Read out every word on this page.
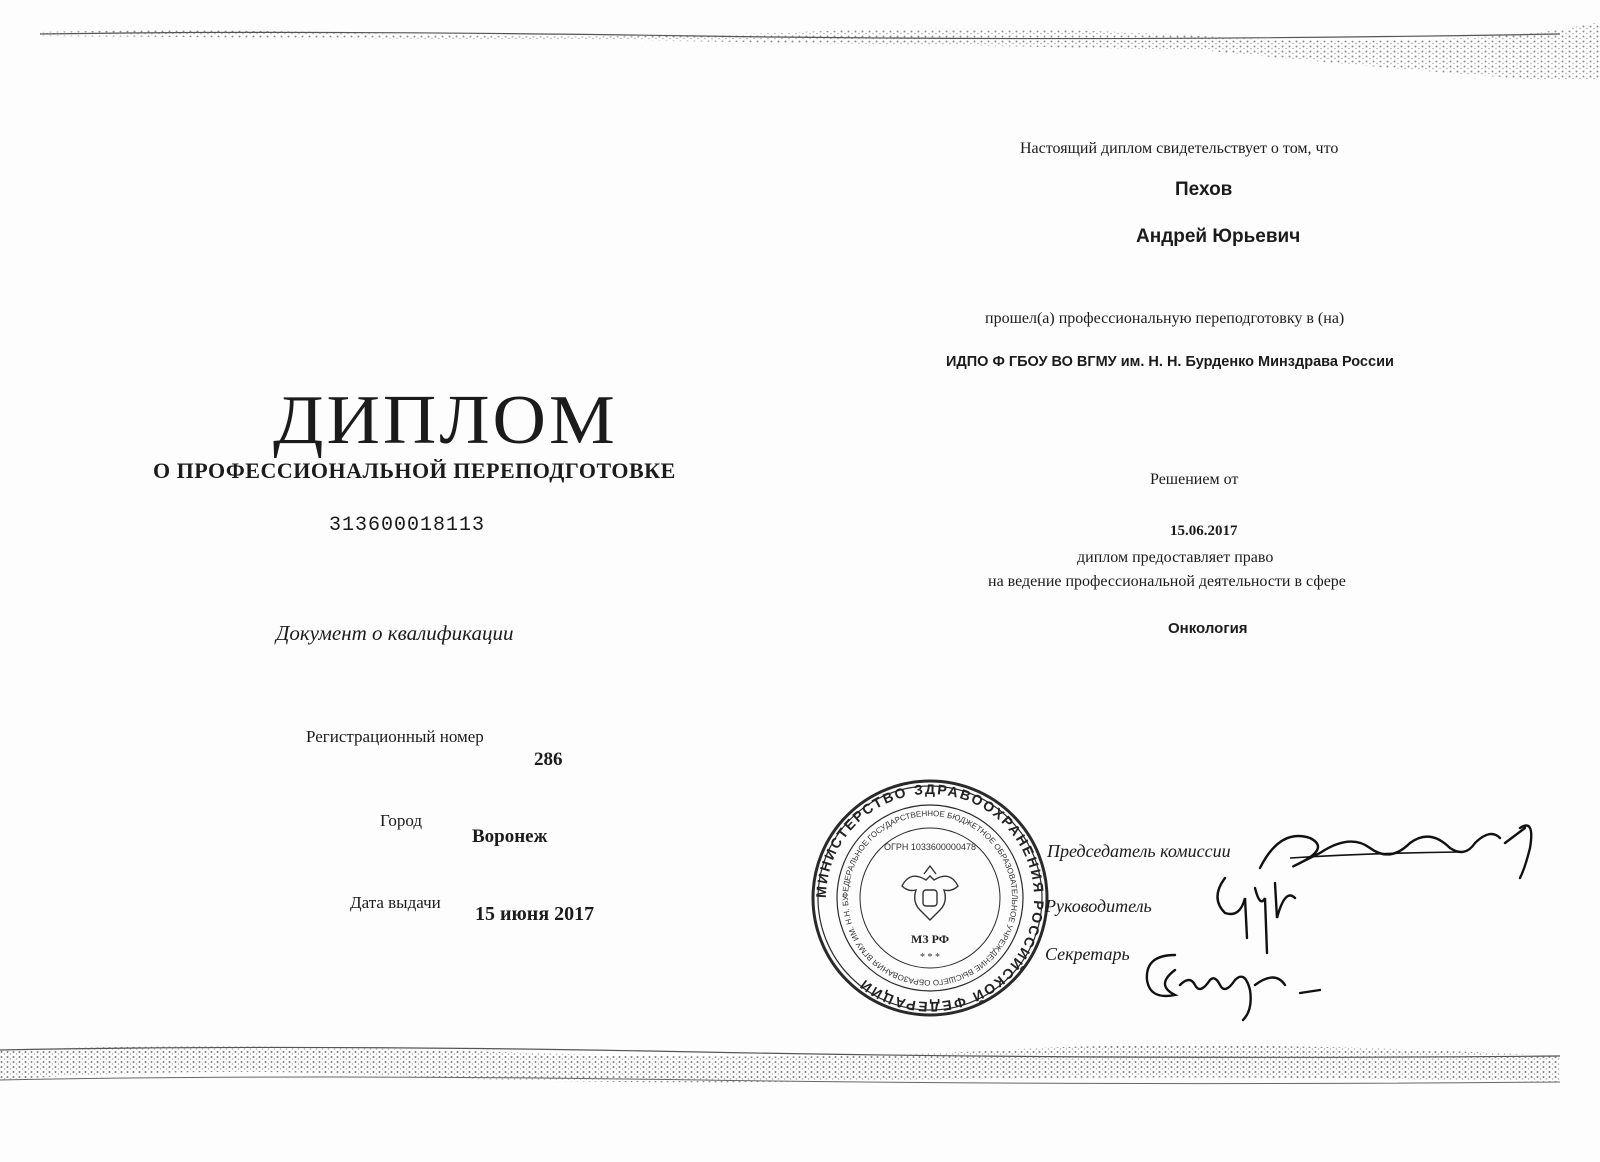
ДИПЛОМ
О ПРОФЕССИОНАЛЬНОЙ ПЕРЕПОДГОТОВКЕ
313600018113
Документ о квалификации
Регистрационный номер
286
Город
Воронеж
Дата выдачи
15 июня 2017
Настоящий диплом свидетельствует о том, что
Пехов
Андрей Юрьевич
прошел(а) профессиональную переподготовку в (на)
ИДПО Ф ГБОУ ВО ВГМУ им. Н. Н. Бурденко Минздрава России
Решением от
15.06.2017
диплом предоставляет право
на ведение профессиональной деятельности в сфере
Онкология
МИНИСТЕРСТВО ЗДРАВООХРАНЕНИЯ РОССИЙСКОЙ ФЕДЕРАЦИИ
ФЕДЕРАЛЬНОЕ ГОСУДАРСТВЕННОЕ БЮДЖЕТНОЕ ОБРАЗОВАТЕЛЬНОЕ УЧРЕЖДЕНИЕ ВЫСШЕГО ОБРАЗОВАНИЯ ВГМУ ИМ. Н.Н. БУ
ОГРН 1033600000478
МЗ РФ
* * *
Председатель комиссии
Руководитель
Секретарь
